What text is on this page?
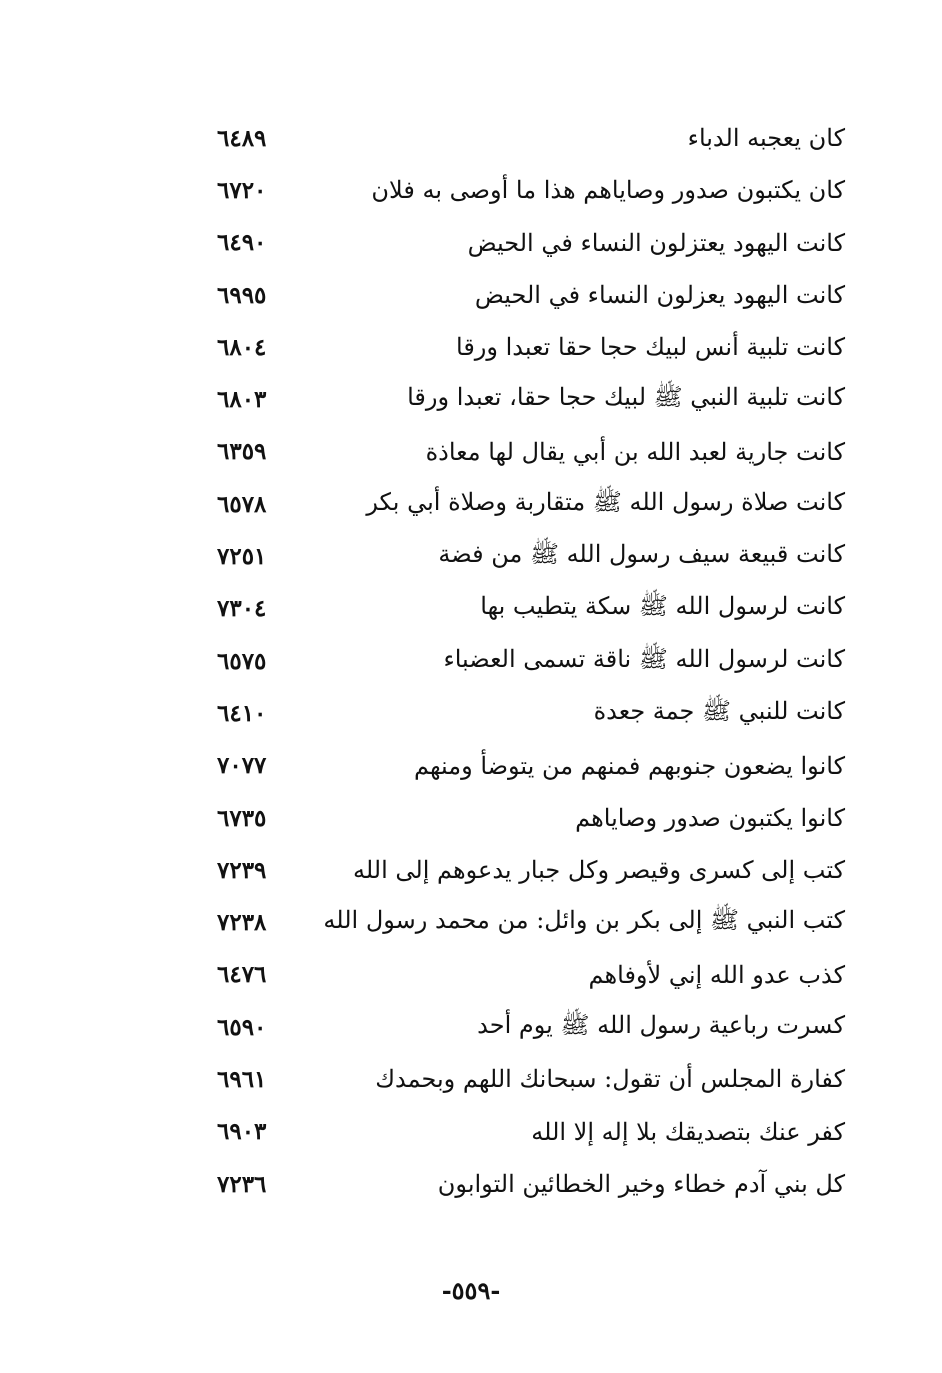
٦٤٨٩	كان يعجبه الدباء
٦٧٢٠	كان يكتبون صدور وصاياهم هذا ما أوصى به فلان
٦٤٩٠	كانت اليهود يعتزلون النساء في الحيض
٦٩٩٥	كانت اليهود يعزلون النساء في الحيض
٦٨٠٤	كانت تلبية أنس لبيك حجا حقا تعبدا ورقا
٦٨٠٣	كانت تلبية النبي ﷺ لبيك حجا حقا، تعبدا ورقا
٦٣٥٩	كانت جارية لعبد الله بن أبي يقال لها معاذة
٦٥٧٨	كانت صلاة رسول الله ﷺ متقاربة وصلاة أبي بكر
٧٢٥١	كانت قبيعة سيف رسول الله ﷺ من فضة
٧٣٠٤	كانت لرسول الله ﷺ سكة يتطيب بها
٦٥٧٥	كانت لرسول الله ﷺ ناقة تسمى العضباء
٦٤١٠	كانت للنبي ﷺ جمة جعدة
٧٠٧٧	كانوا يضعون جنوبهم فمنهم من يتوضأ ومنهم
٦٧٣٥	كانوا يكتبون صدور وصاياهم
٧٢٣٩	كتب إلى كسرى وقيصر وكل جبار يدعوهم إلى الله
٧٢٣٨	كتب النبي ﷺ إلى بكر بن وائل: من محمد رسول الله
٦٤٧٦	كذب عدو الله إني لأوفاهم
٦٥٩٠	كسرت رباعية رسول الله ﷺ يوم أحد
٦٩٦١	كفارة المجلس أن تقول: سبحانك اللهم وبحمدك
٦٩٠٣	كفر عنك بتصديقك بلا إله إلا الله
٧٢٣٦	كل بني آدم خطاء وخير الخطائين التوابون
-٥٥٩-
